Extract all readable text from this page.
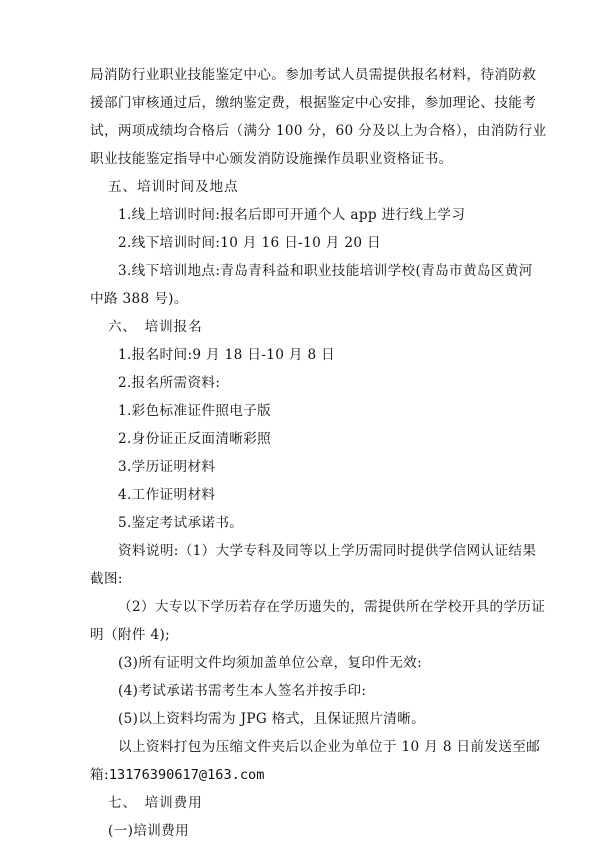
局消防行业职业技能鉴定中心。参加考试人员需提供报名材料，待消防救
援部门审核通过后，缴纳鉴定费，根据鉴定中心安排，参加理论、技能考
试，两项成绩均合格后（满分 100 分，60 分及以上为合格），由消防行业
职业技能鉴定指导中心颁发消防设施操作员职业资格证书。
五、培训时间及地点
1.线上培训时间:报名后即可开通个人 app 进行线上学习
2.线下培训时间:10 月 16 日-10 月 20 日
3.线下培训地点:青岛青科益和职业技能培训学校(青岛市黄岛区黄河
中路 388 号)。
六、　培训报名
1.报名时间:9 月 18 日-10 月 8 日
2.报名所需资料:
1.彩色标准证件照电子版
2.身份证正反面清晰彩照
3.学历证明材料
4.工作证明材料
5.鉴定考试承诺书。
资料说明:（1）大学专科及同等以上学历需同时提供学信网认证结果
截图:
（2）大专以下学历若存在学历遗失的，需提供所在学校开具的学历证
明（附件 4);
(3)所有证明文件均须加盖单位公章，复印件无效:
(4)考试承诺书需考生本人签名并按手印:
(5)以上资料均需为 JPG 格式，且保证照片清晰。
以上资料打包为压缩文件夹后以企业为单位于 10 月 8 日前发送至邮
箱:13176390617@163.com
七、　培训费用
(一)培训费用
